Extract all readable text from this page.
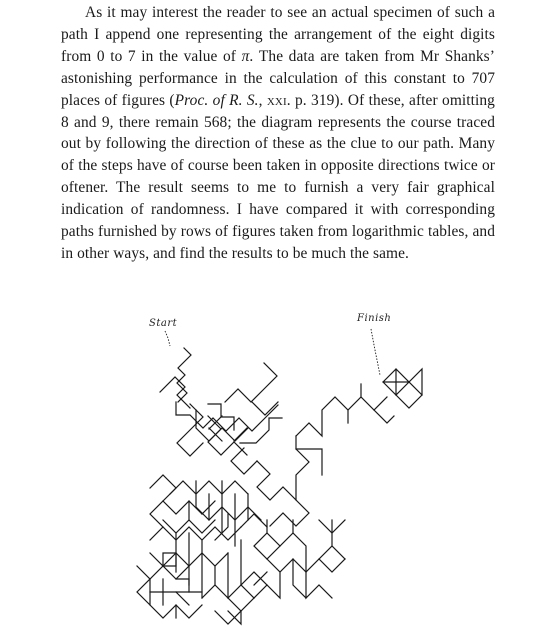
As it may interest the reader to see an actual specimen of such a path I append one representing the arrangement of the eight digits from 0 to 7 in the value of π. The data are taken from Mr Shanks’ astonishing performance in the calculation of this constant to 707 places of figures (Proc. of R. S., xxi. p. 319). Of these, after omitting 8 and 9, there remain 568; the diagram represents the course traced out by following the direction of these as the clue to our path. Many of the steps have of course been taken in opposite directions twice or oftener. The result seems to me to furnish a very fair graphical indication of randomness. I have compared it with corresponding paths furnished by rows of figures taken from logarithmic tables, and in other ways, and find the results to be much the same.

Start	Finish
